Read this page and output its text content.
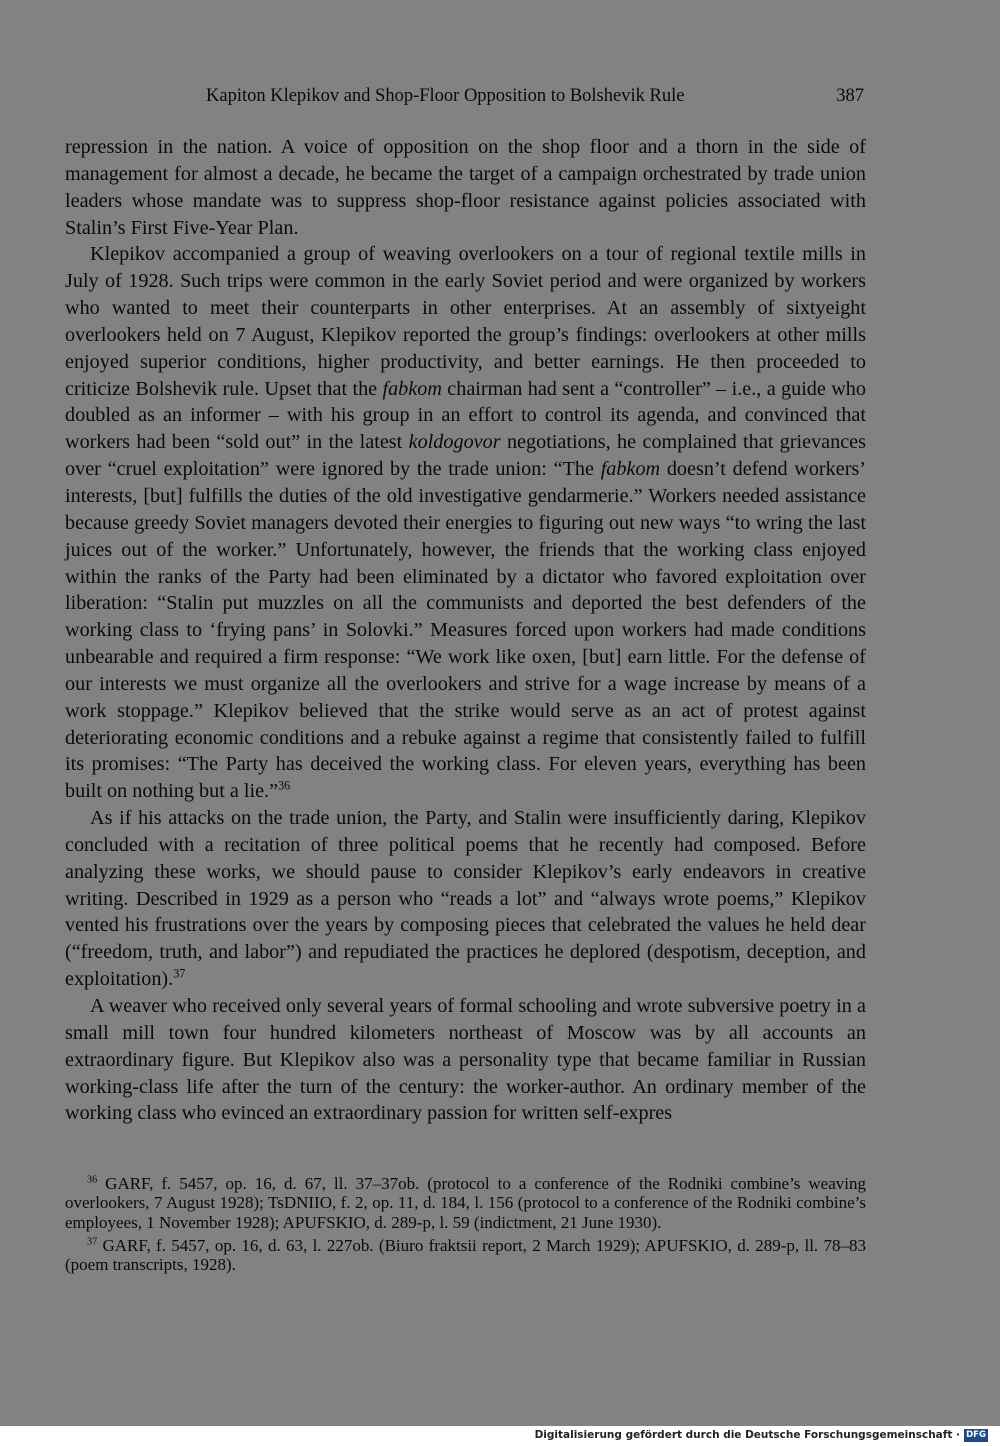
Kapiton Klepikov and Shop-Floor Opposition to Bolshevik Rule	387

repression in the nation. A voice of opposition on the shop floor and a thorn in the side of management for almost a decade, he became the target of a campaign orchestrated by trade union leaders whose mandate was to suppress shop-floor resistance against policies associated with Stalin’s First Five-Year Plan.

Klepikov accompanied a group of weaving overlookers on a tour of regional textile mills in July of 1928. Such trips were common in the early Soviet period and were organized by workers who wanted to meet their counterparts in other enterprises. At an assembly of sixtyeight overlookers held on 7 August, Klepikov reported the group’s findings: overlookers at other mills enjoyed superior conditions, higher productivity, and better earnings. He then proceeded to criticize Bolshevik rule. Upset that the fabkom chairman had sent a “controller” – i.e., a guide who doubled as an informer – with his group in an effort to control its agenda, and convinced that workers had been “sold out” in the latest koldogovor negotiations, he complained that grievances over “cruel exploitation” were ignored by the trade union: “The fabkom doesn’t defend workers’ interests, [but] fulfills the duties of the old investigative gendarmerie.” Workers needed assistance because greedy Soviet managers devoted their energies to figuring out new ways “to wring the last juices out of the worker.” Unfortunately, however, the friends that the working class enjoyed within the ranks of the Party had been eliminated by a dictator who favored exploitation over liberation: “Stalin put muzzles on all the communists and deported the best defenders of the working class to ‘frying pans’ in Solovki.” Measures forced upon workers had made conditions unbearable and required a firm response: “We work like oxen, [but] earn little. For the defense of our interests we must organize all the overlookers and strive for a wage increase by means of a work stoppage.” Klepikov believed that the strike would serve as an act of protest against deteriorating economic conditions and a rebuke against a regime that consistently failed to fulfill its promises: “The Party has deceived the working class. For eleven years, everything has been built on nothing but a lie.”$^{36}$

As if his attacks on the trade union, the Party, and Stalin were insufficiently daring, Klepikov concluded with a recitation of three political poems that he recently had composed. Before analyzing these works, we should pause to consider Klepikov’s early endeavors in creative writing. Described in 1929 as a person who “reads a lot” and “always wrote poems,” Klepikov vented his frustrations over the years by composing pieces that celebrated the values he held dear (“freedom, truth, and labor”) and repudiated the practices he deplored (despotism, deception, and exploitation).$^{37}$

A weaver who received only several years of formal schooling and wrote subversive poetry in a small mill town four hundred kilometers northeast of Moscow was by all accounts an extraordinary figure. But Klepikov also was a personality type that became familiar in Russian working-class life after the turn of the century: the worker-author. An ordinary member of the working class who evinced an extraordinary passion for written self-expres

$^{36}$ GARF, f. 5457, op. 16, d. 67, ll. 37–37ob. (protocol to a conference of the Rodniki combine’s weaving overlookers, 7 August 1928); TsDNIIO, f. 2, op. 11, d. 184, l. 156 (protocol to a conference of the Rodniki combine’s employees, 1 November 1928); APUFSKIO, d. 289-p, l. 59 (indictment, 21 June 1930).

$^{37}$ GARF, f. 5457, op. 16, d. 63, l. 227ob. (Biuro fraktsii report, 2 March 1929); APUFSKIO, d. 289-p, ll. 78–83 (poem transcripts, 1928).

Digitalisierung gefördert durch die Deutsche Forschungsgemeinschaft · DFG
